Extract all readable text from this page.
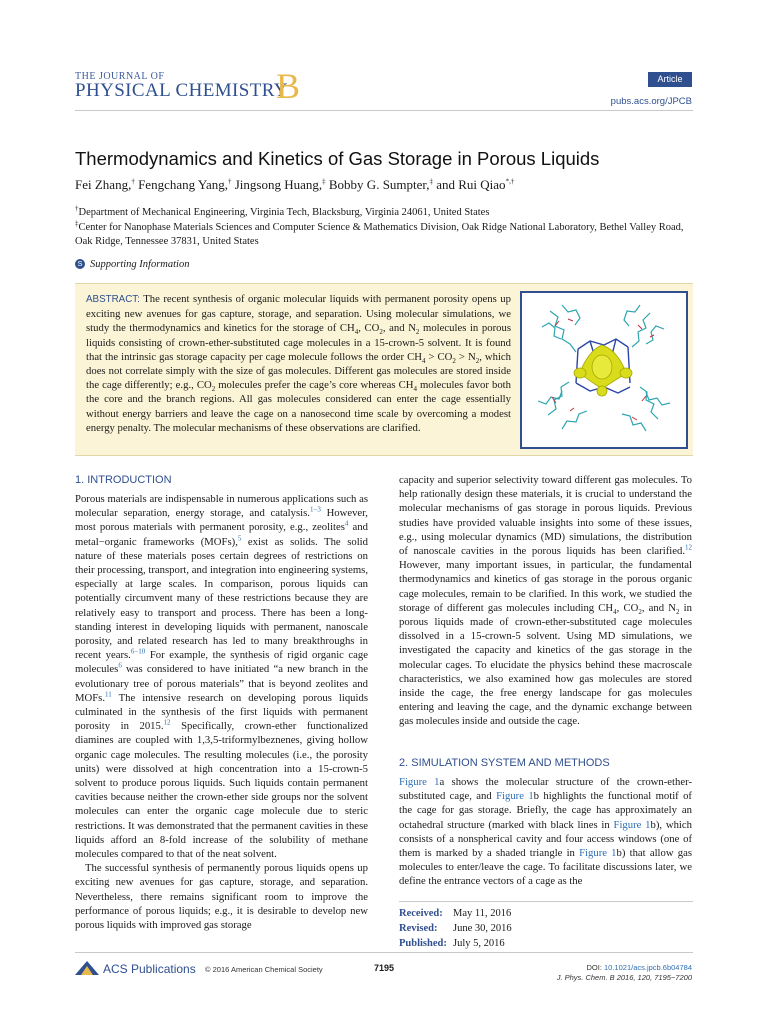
THE JOURNAL OF
PHYSICAL CHEMISTRY
B	Article
pubs.acs.org/JPCB
Thermodynamics and Kinetics of Gas Storage in Porous Liquids
Fei Zhang,† Fengchang Yang,† Jingsong Huang,‡ Bobby G. Sumpter,‡ and Rui Qiao*,†
†Department of Mechanical Engineering, Virginia Tech, Blacksburg, Virginia 24061, United States
‡Center for Nanophase Materials Sciences and Computer Science & Mathematics Division, Oak Ridge National Laboratory, Bethel Valley Road, Oak Ridge, Tennessee 37831, United States
S Supporting Information
ABSTRACT: The recent synthesis of organic molecular liquids with permanent porosity opens up exciting new avenues for gas capture, storage, and separation. Using molecular simulations, we study the thermodynamics and kinetics for the storage of $CH_4$, $CO_2$, and $N_2$ molecules in porous liquids consisting of crown-ether-substituted cage molecules in a 15-crown-5 solvent. It is found that the intrinsic gas storage capacity per cage molecule follows the order $CH_4 > CO_2 > N_2$, which does not correlate simply with the size of gas molecules. Different gas molecules are stored inside the cage differently; e.g., $CO_2$ molecules prefer the cage’s core whereas $CH_4$ molecules favor both the core and the branch regions. All gas molecules considered can enter the cage essentially without energy barriers and leave the cage on a nanosecond time scale by overcoming a modest energy penalty. The molecular mechanisms of these observations are clarified.
1. INTRODUCTION

Porous materials are indispensable in numerous applications such as molecular separation, energy storage, and catalysis.$^{1-3}$ However, most porous materials with permanent porosity, e.g., zeolites$^4$ and metal−organic frameworks (MOFs),$^5$ exist as solids. The solid nature of these materials poses certain degrees of restrictions on their processing, transport, and integration into engineering systems, especially at large scales. In comparison, porous liquids can potentially circumvent many of these restrictions because they are relatively easy to transport and process. There has been a long-standing interest in developing liquids with permanent, nanoscale porosity, and related research has led to many breakthroughs in recent years.$^{6-10}$ For example, the synthesis of rigid organic cage molecules$^6$ was considered to have initiated “a new branch in the evolutionary tree of porous materials” that is beyond zeolites and MOFs.$^{11}$ The intensive research on developing porous liquids culminated in the synthesis of the first liquids with permanent porosity in 2015.12 Specifically, crown-ether functionalized diamines are coupled with 1,3,5-triformylbeznenes, giving hollow organic cage molecules. The resulting molecules (i.e., the porosity units) were dissolved at high concentration into a 15-crown-5 solvent to produce porous liquids. Such liquids contain permanent cavities because neither the crown-ether side groups nor the solvent molecules can enter the organic cage molecule due to steric restrictions. It was demonstrated that the permanent cavities in these liquids afford an 8-fold increase of the solubility of methane molecules compared to that of the neat solvent.

The successful synthesis of permanently porous liquids opens up exciting new avenues for gas capture, storage, and separation. Nevertheless, there remains significant room to improve the performance of porous liquids; e.g., it is desirable to develop new porous liquids with improved gas storage

capacity and superior selectivity toward different gas molecules. To help rationally design these materials, it is crucial to understand the molecular mechanisms of gas storage in porous liquids. Previous studies have provided valuable insights into some of these issues, e.g., using molecular dynamics (MD) simulations, the distribution of nanoscale cavities in the porous liquids has been clarified.$^{12}$ However, many important issues, in particular, the fundamental thermodynamics and kinetics of gas storage in the porous organic cage molecules, remain to be clarified. In this work, we studied the storage of different gas molecules including $CH_4$, $CO_2$, and $N_2$ in porous liquids made of crown-ether-substituted cage molecules dissolved in a 15-crown-5 solvent. Using MD simulations, we investigated the capacity and kinetics of the gas storage in the molecular cages. To elucidate the physics behind these macroscale characteristics, we also examined how gas molecules are stored inside the cage, the free energy landscape for gas molecules entering and leaving the cage, and the dynamic exchange between gas molecules inside and outside the cage.

2. SIMULATION SYSTEM AND METHODS

Figure 1a shows the molecular structure of the crown-ether-substituted cage, and Figure 1b highlights the functional motif of the cage for gas storage. Briefly, the cage has approximately an octahedral structure (marked with black lines in Figure 1b), which consists of a nonspherical cavity and four access windows (one of them is marked by a shaded triangle in Figure 1b) that allow gas molecules to enter/leave the cage. To facilitate discussions later, we define the entrance vectors of a cage as the

Received: May 11, 2016
Revised: June 30, 2016
Published: July 5, 2016
ACS Publications © 2016 American Chemical Society	7195	DOI: 10.1021/acs.jpcb.6b04784
J. Phys. Chem. B 2016, 120, 7195−7200
